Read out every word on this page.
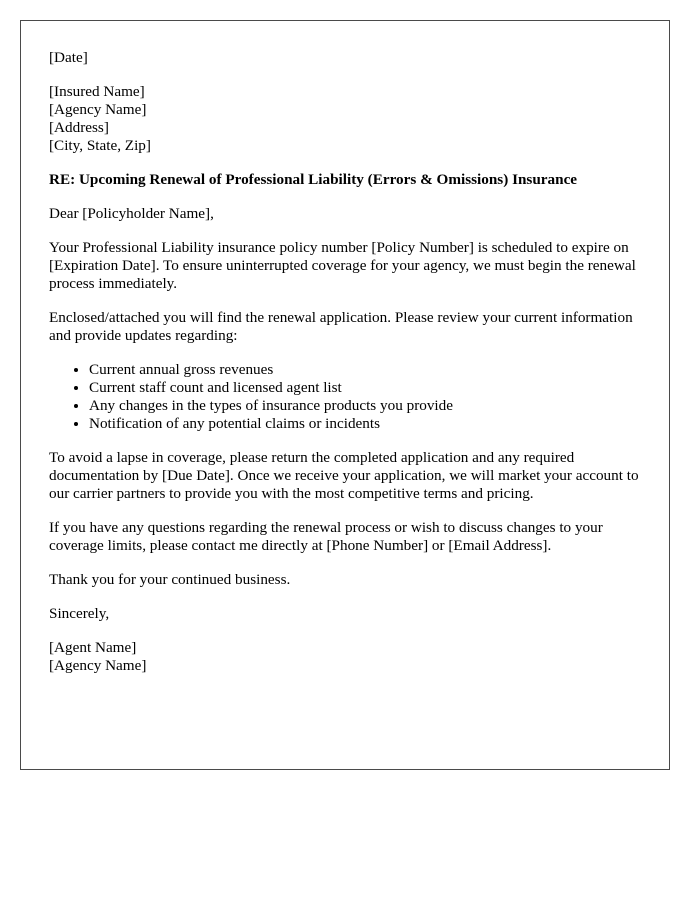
[Date]
[Insured Name]
[Agency Name]
[Address]
[City, State, Zip]
RE: Upcoming Renewal of Professional Liability (Errors & Omissions) Insurance

Dear [Policyholder Name],

Your Professional Liability insurance policy number [Policy Number] is scheduled to expire on [Expiration Date]. To ensure uninterrupted coverage for your agency, we must begin the renewal process immediately.

Enclosed/attached you will find the renewal application. Please review your current information and provide updates regarding:

• Current annual gross revenues
• Current staff count and licensed agent list
• Any changes in the types of insurance products you provide
• Notification of any potential claims or incidents

To avoid a lapse in coverage, please return the completed application and any required documentation by [Due Date]. Once we receive your application, we will market your account to our carrier partners to provide you with the most competitive terms and pricing.

If you have any questions regarding the renewal process or wish to discuss changes to your coverage limits, please contact me directly at [Phone Number] or [Email Address].

Thank you for your continued business.

Sincerely,

[Agent Name]
[Agency Name]
